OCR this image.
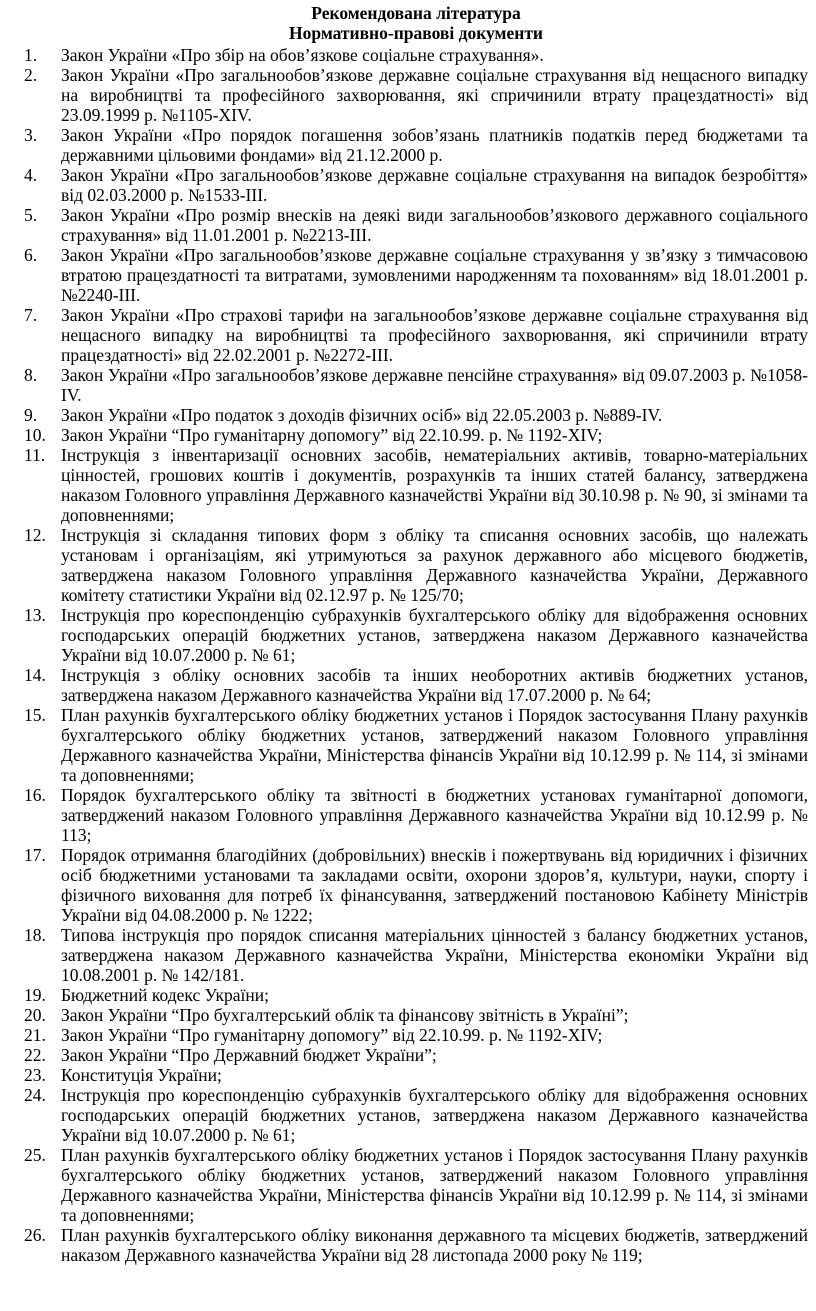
Рекомендована література
Нормативно-правові документи
1. Закон України «Про збір на обов’язкове соціальне страхування».
2. Закон України «Про загальнообов’язкове державне соціальне страхування від нещасного випадку на виробництві та професійного захворювання, які спричинили втрату працездатності» від 23.09.1999 р. №1105-XIV.
3. Закон України «Про порядок погашення зобов’язань платників податків перед бюджетами та державними цільовими фондами» від 21.12.2000 р.
4. Закон України «Про загальнообов’язкове державне соціальне страхування на випадок безробіття» від 02.03.2000 р. №1533-III.
5. Закон України «Про розмір внесків на деякі види загальнообов’язкового державного соціального страхування» від 11.01.2001 р. №2213-III.
6. Закон України «Про загальнообов’язкове державне соціальне страхування у зв’язку з тимчасовою втратою працездатності та витратами, зумовленими народженням та похованням» від 18.01.2001 р. №2240-III.
7. Закон України «Про страхові тарифи на загальнообов’язкове державне соціальне страхування від нещасного випадку на виробництві та професійного захворювання, які спричинили втрату працездатності» від 22.02.2001 р. №2272-III.
8. Закон України «Про загальнообов’язкове державне пенсійне страхування» від 09.07.2003 р. №1058-IV.
9. Закон України «Про податок з доходів фізичних осіб» від 22.05.2003 р. №889-IV.
10. Закон України “Про гуманітарну допомогу” від 22.10.99. р. № 1192-XIV;
11. Інструкція з інвентаризації основних засобів, нематеріальних активів, товарно-матеріальних цінностей, грошових коштів і документів, розрахунків та інших статей балансу, затверджена наказом Головного управління Державного казначействі України від 30.10.98 р. № 90, зі змінами та доповненнями;
12. Інструкція зі складання типових форм з обліку та списання основних засобів, що належать установам і організаціям, які утримуються за рахунок державного або місцевого бюджетів, затверджена наказом Головного управління Державного казначейства України, Державного комітету статистики України від 02.12.97 р. № 125/70;
13. Інструкція про кореспонденцію субрахунків бухгалтерського обліку для відображення основних господарських операцій бюджетних установ, затверджена наказом Державного казначейства України від 10.07.2000 р. № 61;
14. Інструкція з обліку основних засобів та інших необоротних активів бюджетних установ, затверджена наказом Державного казначейства України від 17.07.2000 р. № 64;
15. План рахунків бухгалтерського обліку бюджетних установ і Порядок застосування Плану рахунків бухгалтерського обліку бюджетних установ, затверджений наказом Головного управління Державного казначейства України, Міністерства фінансів України від 10.12.99 р. № 114, зі змінами та доповненнями;
16. Порядок бухгалтерського обліку та звітності в бюджетних установах гуманітарної допомоги, затверджений наказом Головного управління Державного казначейства України від 10.12.99 р. № 113;
17. Порядок отримання благодійних (добровільних) внесків і пожертвувань від юридичних і фізичних осіб бюджетними установами та закладами освіти, охорони здоров’я, культури, науки, спорту і фізичного виховання для потреб їх фінансування, затверджений постановою Кабінету Міністрів України від 04.08.2000 р. № 1222;
18. Типова інструкція про порядок списання матеріальних цінностей з балансу бюджетних установ, затверджена наказом Державного казначейства України, Міністерства економіки України від 10.08.2001 р. № 142/181.
19. Бюджетний кодекс України;
20. Закон України “Про бухгалтерський облік та фінансову звітність в Україні”;
21. Закон України “Про гуманітарну допомогу” від 22.10.99. р. № 1192-XIV;
22. Закон України “Про Державний бюджет України”;
23. Конституція України;
24. Інструкція про кореспонденцію субрахунків бухгалтерського обліку для відображення основних господарських операцій бюджетних установ, затверджена наказом Державного казначейства України від 10.07.2000 р. № 61;
25. План рахунків бухгалтерського обліку бюджетних установ і Порядок застосування Плану рахунків бухгалтерського обліку бюджетних установ, затверджений наказом Головного управління Державного казначейства України, Міністерства фінансів України від 10.12.99 р. № 114, зі змінами та доповненнями;
26. План рахунків бухгалтерського обліку виконання державного та місцевих бюджетів, затверджений наказом Державного казначейства України від 28 листопада 2000 року № 119;
